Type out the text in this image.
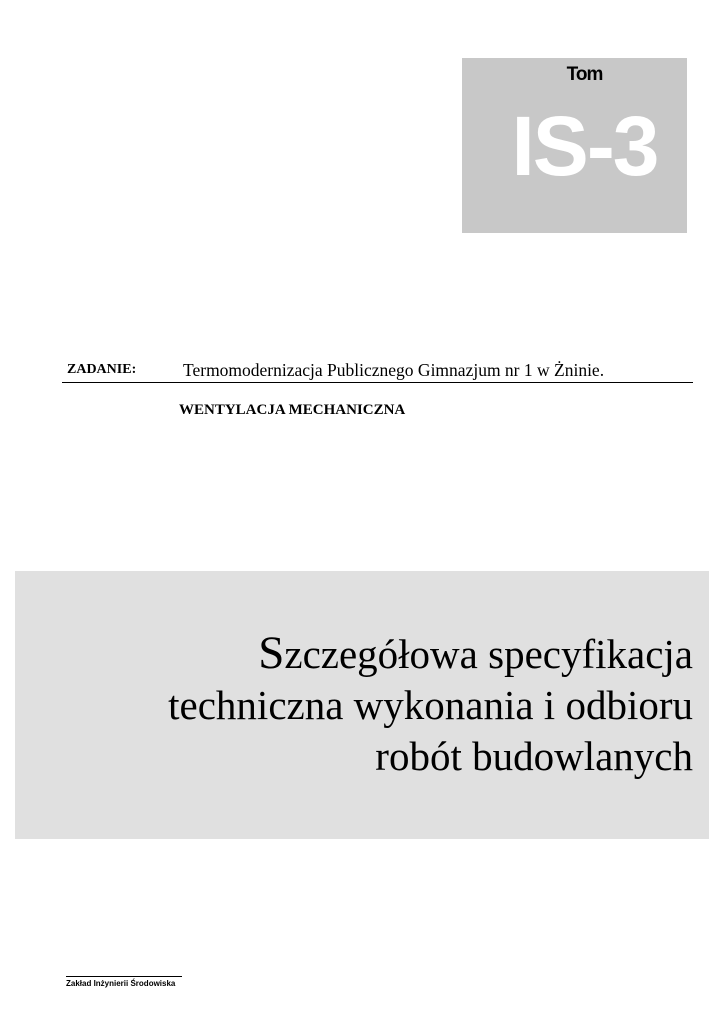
Tom
IS-3
ZADANIE:	Termomodernizacja Publicznego Gimnazjum nr 1 w Żninie.
WENTYLACJA MECHANICZNA
Szczegółowa specyfikacja
techniczna wykonania i odbioru
robót budowlanych
Zakład Inżynierii Środowiska
